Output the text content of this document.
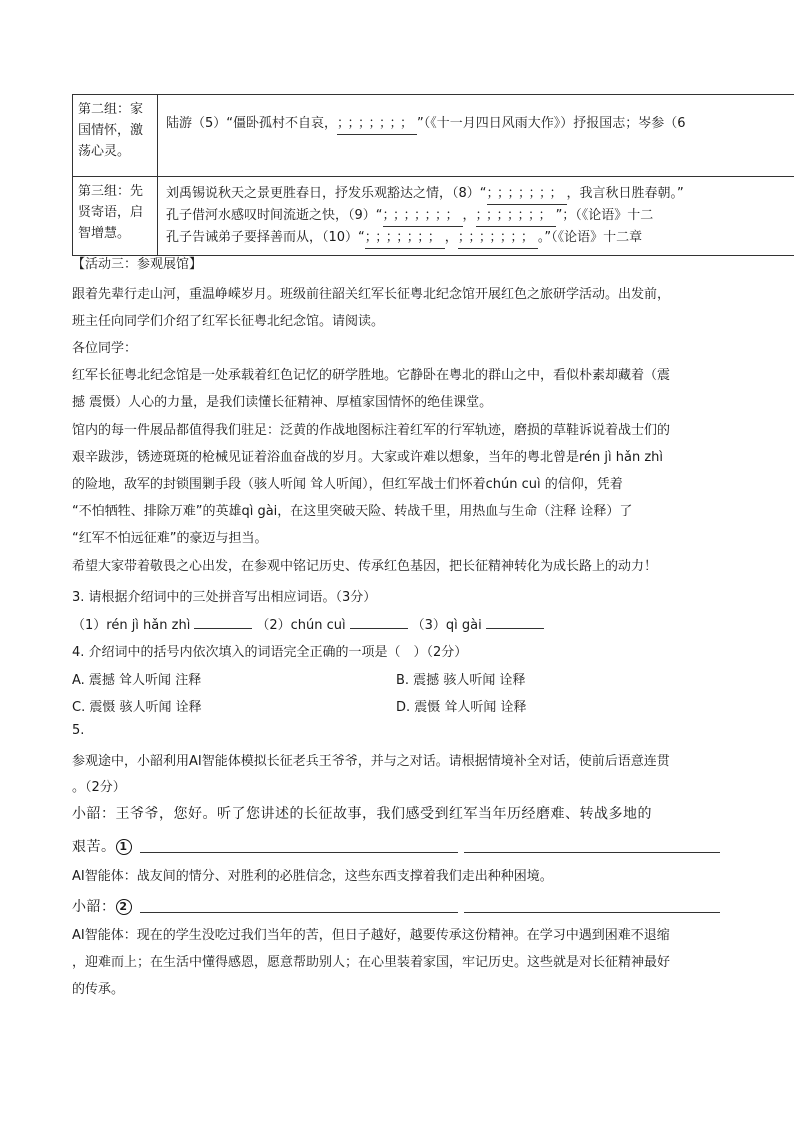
第二组：家国情怀，激荡心灵。	陆游（5）“僵卧孤村不自哀，；；；；；；；”（《十一月四日风雨大作》）抒报国志；岑参（6

第三组：先贤寄语，启智增慧。	刘禹锡说秋天之景更胜春日，抒发乐观豁达之情，（8）“；；；；；；；，我言秋日胜春朝。”
孔子借河水感叹时间流逝之快，（9）“；；；；；；；，；；；；；；；”；（《论语》十二
孔子告诫弟子要择善而从，（10）“；；；；；；；，；；；；；；；。”（《论语》十二章
【活动三：参观展馆】
跟着先辈行走山河，重温峥嵘岁月。班级前往韶关红军长征粤北纪念馆开展红色之旅研学活动。出发前，
班主任向同学们介绍了红军长征粤北纪念馆。请阅读。
各位同学：
红军长征粤北纪念馆是一处承载着红色记忆的研学胜地。它静卧在粤北的群山之中，看似朴素却藏着（震
撼 震慑）人心的力量，是我们读懂长征精神、厚植家国情怀的绝佳课堂。
馆内的每一件展品都值得我们驻足：泛黄的作战地图标注着红军的行军轨迹，磨损的草鞋诉说着战士们的
艰辛跋涉，锈迹斑斑的枪械见证着浴血奋战的岁月。大家或许难以想象，当年的粤北曾是rén jì hǎn zhì
的险地，敌军的封锁围剿手段（骇人听闻 耸人听闻），但红军战士们怀着chún cuì 的信仰，凭着
“不怕牺牲、排除万难”的英雄qì gài，在这里突破天险、转战千里，用热血与生命（注释 诠释）了
“红军不怕远征难”的豪迈与担当。
希望大家带着敬畏之心出发，在参观中铭记历史、传承红色基因，把长征精神转化为成长路上的动力！
3. 请根据介绍词中的三处拼音写出相应词语。（3分）
（1）rén jì hǎn zhì	（2）chún cuì	（3）qì gài
4. 介绍词中的括号内依次填入的词语完全正确的一项是（　）（2分）
A. 震撼 耸人听闻 注释	B. 震撼 骇人听闻 诠释
C. 震慑 骇人听闻 诠释	D. 震慑 耸人听闻 诠释
5.
参观途中，小韶利用AI智能体模拟长征老兵王爷爷，并与之对话。请根据情境补全对话，使前后语意连贯
。（2分）
小韶：王爷爷，您好。听了您讲述的长征故事，我们感受到红军当年历经磨难、转战多地的
艰苦。 1
AI智能体：战友间的情分、对胜利的必胜信念，这些东西支撑着我们走出种种困境。
小韶： 2
AI智能体：现在的学生没吃过我们当年的苦，但日子越好，越要传承这份精神。在学习中遇到困难不退缩
，迎难而上；在生活中懂得感恩，愿意帮助别人；在心里装着家国，牢记历史。这些就是对长征精神最好
的传承。
